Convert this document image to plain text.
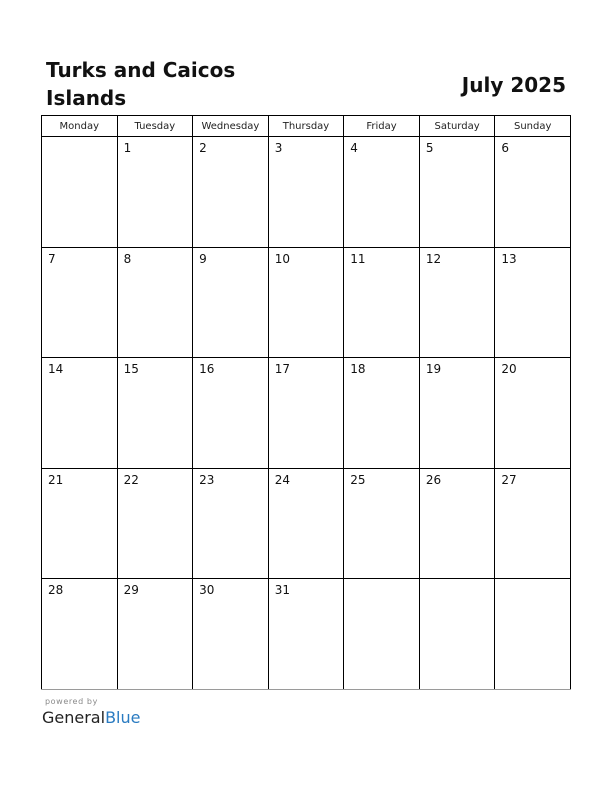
Turks and Caicos
Islands
July 2025
Monday	Tuesday	Wednesday	Thursday	Friday	Saturday	Sunday

	1	2	3	4	5	6

7	8	9	10	11	12	13

14	15	16	17	18	19	20

21	22	23	24	25	26	27

28	29	30	31			

powered by
GeneralBlue
